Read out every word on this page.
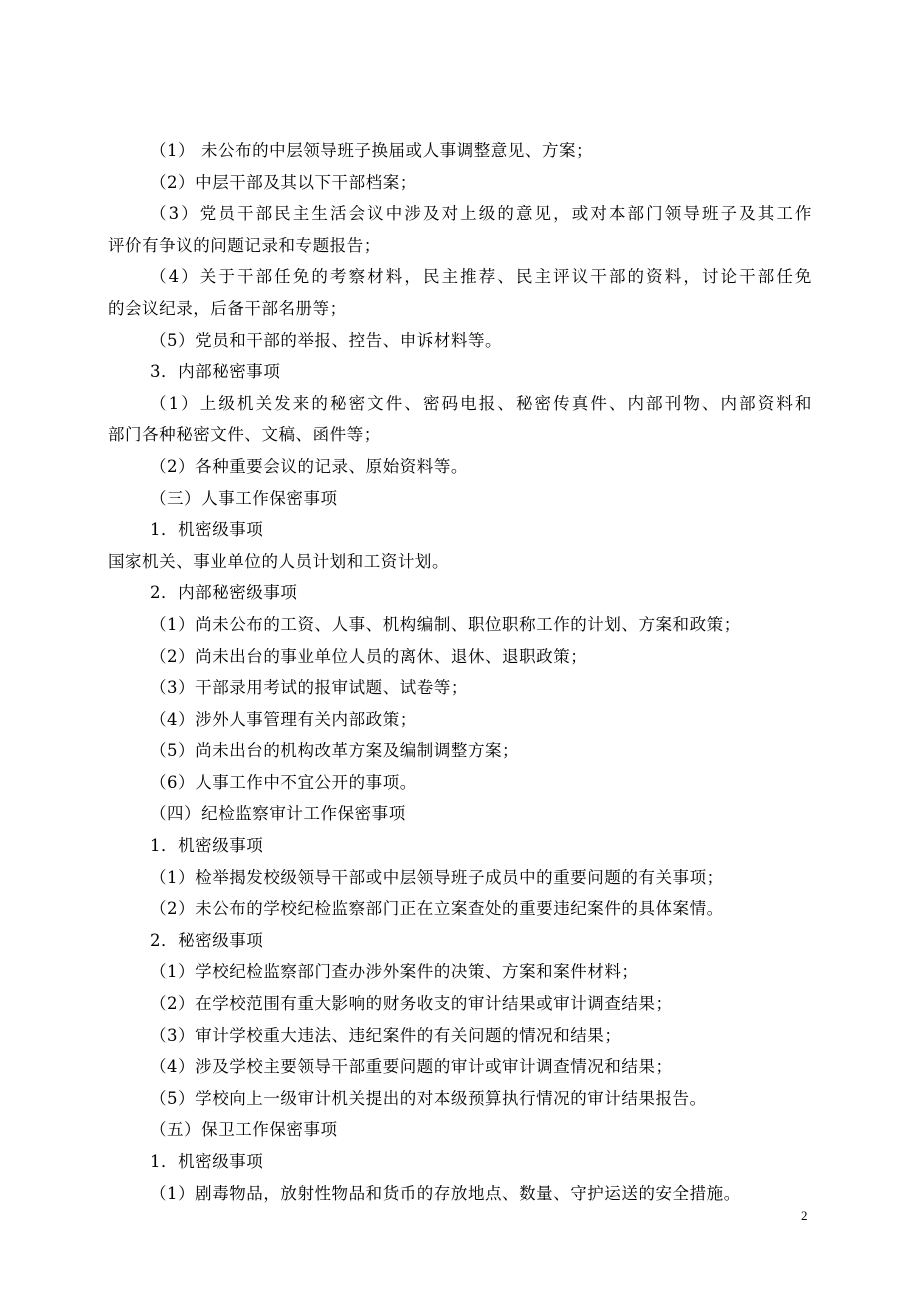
（1） 未公布的中层领导班子换届或人事调整意见、方案；
（2）中层干部及其以下干部档案；
（3）党员干部民主生活会议中涉及对上级的意见，或对本部门领导班子及其工作
评价有争议的问题记录和专题报告；
（4）关于干部任免的考察材料，民主推荐、民主评议干部的资料，讨论干部任免
的会议纪录，后备干部名册等；
（5）党员和干部的举报、控告、申诉材料等。
3．内部秘密事项
（1）上级机关发来的秘密文件、密码电报、秘密传真件、内部刊物、内部资料和
部门各种秘密文件、文稿、函件等；
（2）各种重要会议的记录、原始资料等。
（三）人事工作保密事项
1．机密级事项
国家机关、事业单位的人员计划和工资计划。
2．内部秘密级事项
（1）尚未公布的工资、人事、机构编制、职位职称工作的计划、方案和政策；
（2）尚未出台的事业单位人员的离休、退休、退职政策；
（3）干部录用考试的报审试题、试卷等；
（4）涉外人事管理有关内部政策；
（5）尚未出台的机构改革方案及编制调整方案；
（6）人事工作中不宜公开的事项。
（四）纪检监察审计工作保密事项
1．机密级事项
（1）检举揭发校级领导干部或中层领导班子成员中的重要问题的有关事项；
（2）未公布的学校纪检监察部门正在立案查处的重要违纪案件的具体案情。
2．秘密级事项
（1）学校纪检监察部门查办涉外案件的决策、方案和案件材料；
（2）在学校范围有重大影响的财务收支的审计结果或审计调查结果；
（3）审计学校重大违法、违纪案件的有关问题的情况和结果；
（4）涉及学校主要领导干部重要问题的审计或审计调查情况和结果；
（5）学校向上一级审计机关提出的对本级预算执行情况的审计结果报告。
（五）保卫工作保密事项
1．机密级事项
（1）剧毒物品，放射性物品和货币的存放地点、数量、守护运送的安全措施。
2
